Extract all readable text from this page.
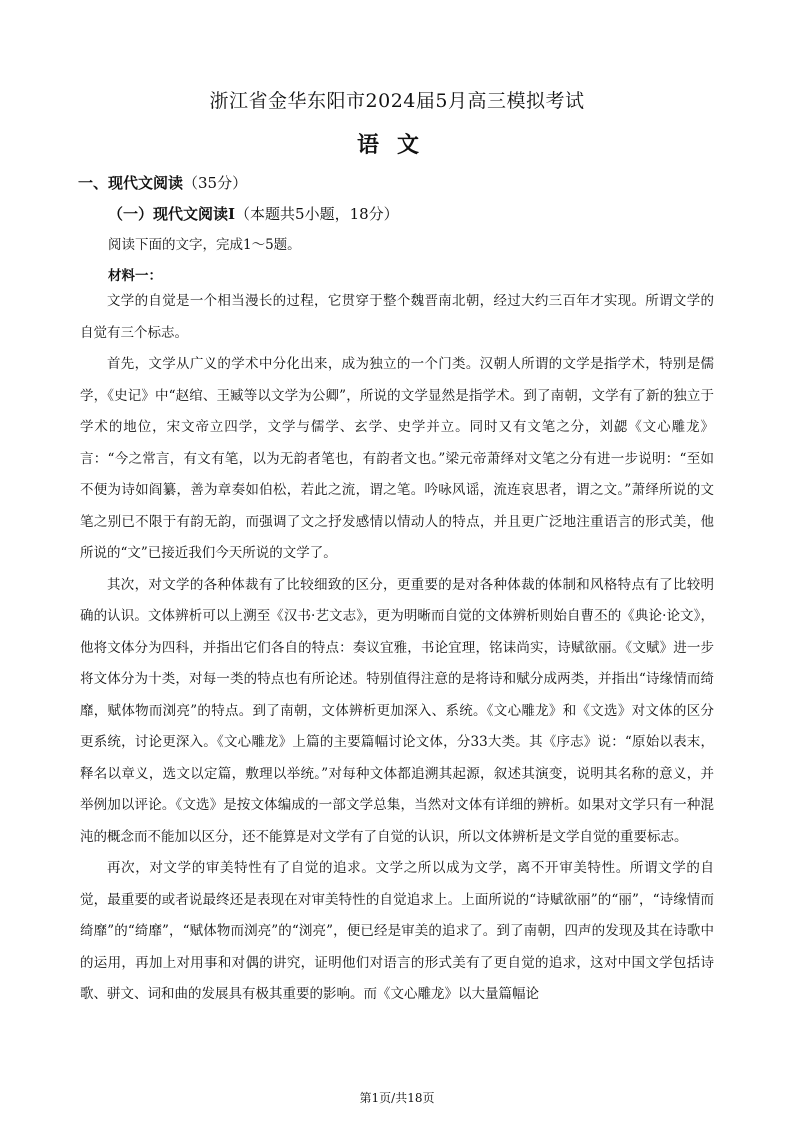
浙江省金华东阳市2024届5月高三模拟考试
语文
一、现代文阅读（35分）
（一）现代文阅读Ⅰ（本题共5小题，18分）
阅读下面的文字，完成1～5题。
材料一：

文学的自觉是一个相当漫长的过程，它贯穿于整个魏晋南北朝，经过大约三百年才实现。所谓文学的自觉有三个标志。

首先，文学从广义的学术中分化出来，成为独立的一个门类。汉朝人所谓的文学是指学术，特别是儒学，《史记》中“赵绾、王臧等以文学为公卿”，所说的文学显然是指学术。到了南朝，文学有了新的独立于学术的地位，宋文帝立四学，文学与儒学、玄学、史学并立。同时又有文笔之分，刘勰《文心雕龙》言：“今之常言，有文有笔，以为无韵者笔也，有韵者文也。”梁元帝萧绎对文笔之分有进一步说明：“至如不便为诗如阎纂，善为章奏如伯松，若此之流，谓之笔。吟咏风谣，流连哀思者，谓之文。”萧绎所说的文笔之别已不限于有韵无韵，而强调了文之抒发感情以情动人的特点，并且更广泛地注重语言的形式美，他所说的“文”已接近我们今天所说的文学了。

其次，对文学的各种体裁有了比较细致的区分，更重要的是对各种体裁的体制和风格特点有了比较明确的认识。文体辨析可以上溯至《汉书·艺文志》，更为明晰而自觉的文体辨析则始自曹丕的《典论·论文》，他将文体分为四科，并指出它们各自的特点：奏议宜雅，书论宜理，铭诔尚实，诗赋欲丽。《文赋》进一步将文体分为十类，对每一类的特点也有所论述。特别值得注意的是将诗和赋分成两类，并指出“诗缘情而绮靡，赋体物而浏亮”的特点。到了南朝，文体辨析更加深入、系统。《文心雕龙》和《文选》对文体的区分更系统，讨论更深入。《文心雕龙》上篇的主要篇幅讨论文体，分33大类。其《序志》说：“原始以表末，释名以章义，选文以定篇，敷理以举统。”对每种文体都追溯其起源，叙述其演变，说明其名称的意义，并举例加以评论。《文选》是按文体编成的一部文学总集，当然对文体有详细的辨析。如果对文学只有一种混沌的概念而不能加以区分，还不能算是对文学有了自觉的认识，所以文体辨析是文学自觉的重要标志。

再次，对文学的审美特性有了自觉的追求。文学之所以成为文学，离不开审美特性。所谓文学的自觉，最重要的或者说最终还是表现在对审美特性的自觉追求上。上面所说的“诗赋欲丽”的“丽”，“诗缘情而绮靡”的“绮靡”，“赋体物而浏亮”的“浏亮”，便已经是审美的追求了。到了南朝，四声的发现及其在诗歌中的运用，再加上对用事和对偶的讲究，证明他们对语言的形式美有了更自觉的追求，这对中国文学包括诗歌、骈文、词和曲的发展具有极其重要的影响。而《文心雕龙》以大量篇幅论

第1页/共18页
